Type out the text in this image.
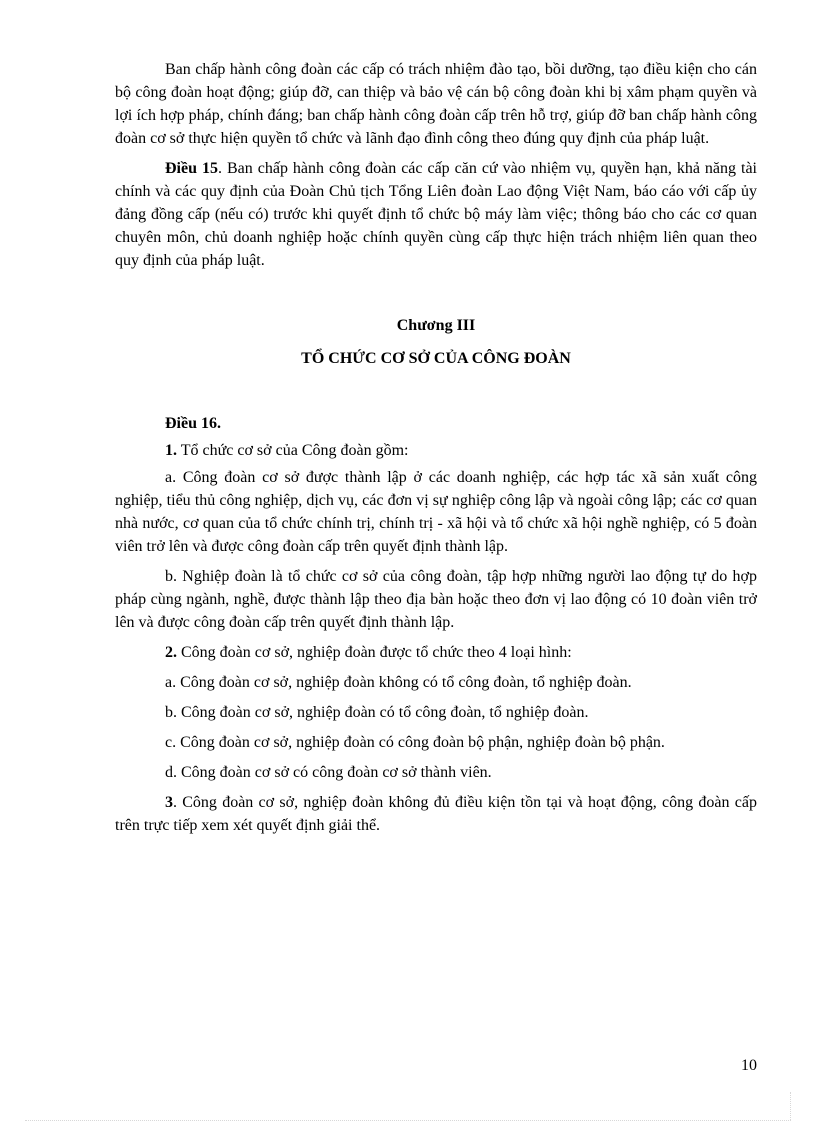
Ban chấp hành công đoàn các cấp có trách nhiệm đào tạo, bồi dưỡng, tạo điều kiện cho cán bộ công đoàn hoạt động; giúp đỡ, can thiệp và bảo vệ cán bộ công đoàn khi bị xâm phạm quyền và lợi ích hợp pháp, chính đáng; ban chấp hành công đoàn cấp trên hỗ trợ, giúp đỡ ban chấp hành công đoàn cơ sở thực hiện quyền tổ chức và lãnh đạo đình công theo đúng quy định của pháp luật.

Điều 15. Ban chấp hành công đoàn các cấp căn cứ vào nhiệm vụ, quyền hạn, khả năng tài chính và các quy định của Đoàn Chủ tịch Tổng Liên đoàn Lao động Việt Nam, báo cáo với cấp ủy đảng đồng cấp (nếu có) trước khi quyết định tổ chức bộ máy làm việc; thông báo cho các cơ quan chuyên môn, chủ doanh nghiệp hoặc chính quyền cùng cấp thực hiện trách nhiệm liên quan theo quy định của pháp luật.

Chương III

TỔ CHỨC CƠ SỞ CỦA CÔNG ĐOÀN

Điều 16.

1. Tổ chức cơ sở của Công đoàn gồm:

a. Công đoàn cơ sở được thành lập ở các doanh nghiệp, các hợp tác xã sản xuất công nghiệp, tiểu thủ công nghiệp, dịch vụ, các đơn vị sự nghiệp công lập và ngoài công lập; các cơ quan nhà nước, cơ quan của tổ chức chính trị, chính trị - xã hội và tổ chức xã hội nghề nghiệp, có 5 đoàn viên trở lên và được công đoàn cấp trên quyết định thành lập.

b. Nghiệp đoàn là tổ chức cơ sở của công đoàn, tập hợp những người lao động tự do hợp pháp cùng ngành, nghề, được thành lập theo địa bàn hoặc theo đơn vị lao động có 10 đoàn viên trở lên và được công đoàn cấp trên quyết định thành lập.

2. Công đoàn cơ sở, nghiệp đoàn được tổ chức theo 4 loại hình:

a. Công đoàn cơ sở, nghiệp đoàn không có tổ công đoàn, tổ nghiệp đoàn.

b. Công đoàn cơ sở, nghiệp đoàn có tổ công đoàn, tổ nghiệp đoàn.

c. Công đoàn cơ sở, nghiệp đoàn có công đoàn bộ phận, nghiệp đoàn bộ phận.

d. Công đoàn cơ sở có công đoàn cơ sở thành viên.

3. Công đoàn cơ sở, nghiệp đoàn không đủ điều kiện tồn tại và hoạt động, công đoàn cấp trên trực tiếp xem xét quyết định giải thể.

10
